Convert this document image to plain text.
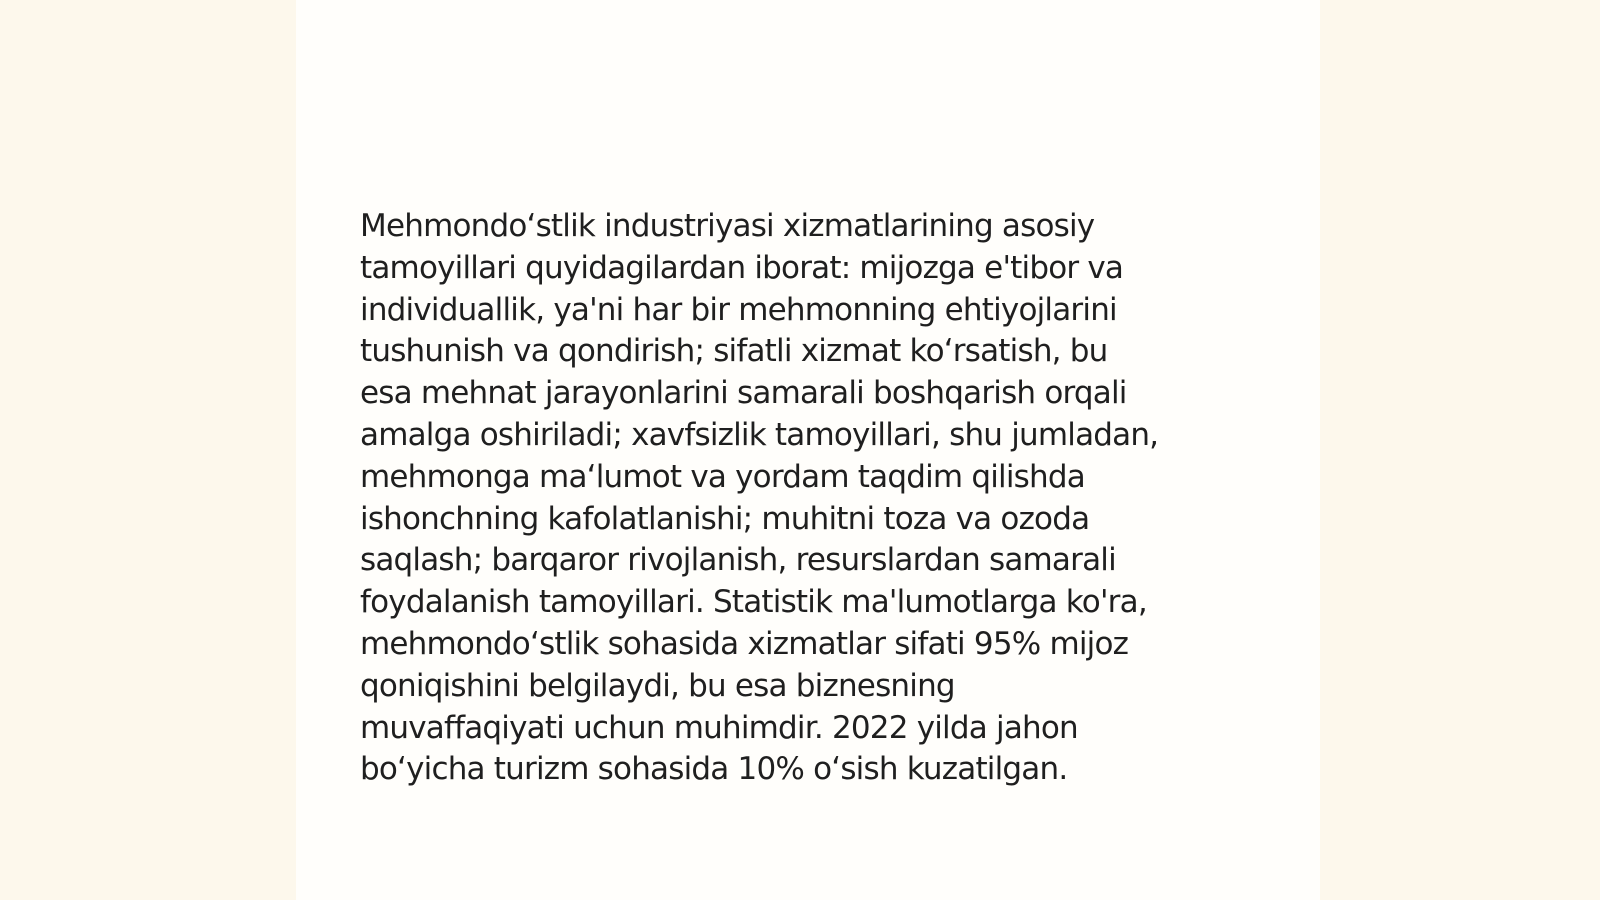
Mehmondo‘stlik industriyasi xizmatlarining asosiy
tamoyillari quyidagilardan iborat: mijozga e'tibor va
individuallik, ya'ni har bir mehmonning ehtiyojlarini
tushunish va qondirish; sifatli xizmat ko‘rsatish, bu
esa mehnat jarayonlarini samarali boshqarish orqali
amalga oshiriladi; xavfsizlik tamoyillari, shu jumladan,
mehmonga ma‘lumot va yordam taqdim qilishda
ishonchning kafolatlanishi; muhitni toza va ozoda
saqlash; barqaror rivojlanish, resurslardan samarali
foydalanish tamoyillari. Statistik ma'lumotlarga ko'ra,
mehmondo‘stlik sohasida xizmatlar sifati 95% mijoz
qoniqishini belgilaydi, bu esa biznesning
muvaffaqiyati uchun muhimdir. 2022 yilda jahon
bo‘yicha turizm sohasida 10% o‘sish kuzatilgan.
